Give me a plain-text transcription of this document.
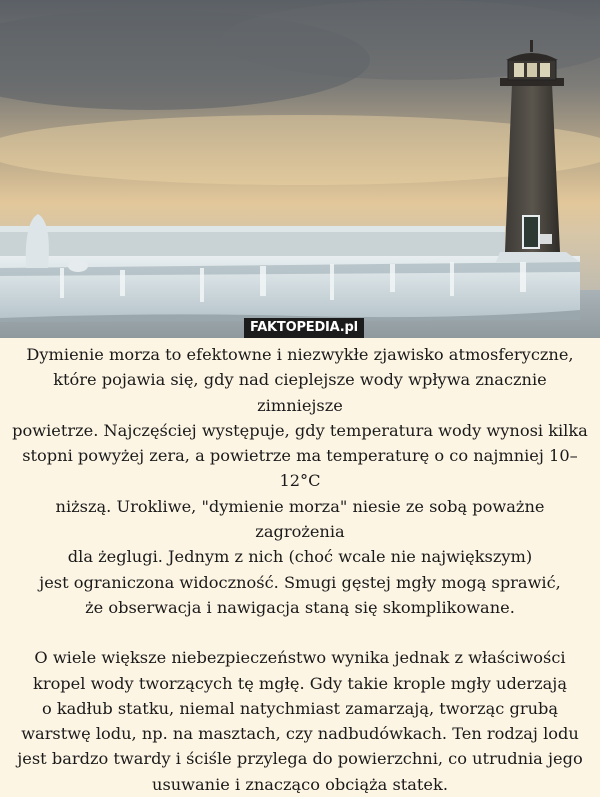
FAKTOPEDIA.pl

Dymienie morza to efektowne i niezwykłe zjawisko atmosferyczne,
które pojawia się, gdy nad cieplejsze wody wpływa znacznie zimniejsze
powietrze. Najczęściej występuje, gdy temperatura wody wynosi kilka
stopni powyżej zera, a powietrze ma temperaturę o co najmniej 10–12°C
niższą. Urokliwe, "dymienie morza" niesie ze sobą poważne zagrożenia
dla żeglugi. Jednym z nich (choć wcale nie największym)
jest ograniczona widoczność. Smugi gęstej mgły mogą sprawić,
że obserwacja i nawigacja staną się skomplikowane.

O wiele większe niebezpieczeństwo wynika jednak z właściwości
kropel wody tworzących tę mgłę. Gdy takie krople mgły uderzają
o kadłub statku, niemal natychmiast zamarzają, tworząc grubą
warstwę lodu, np. na masztach, czy nadbudówkach. Ten rodzaj lodu
jest bardzo twardy i ściśle przylega do powierzchni, co utrudnia jego
usuwanie i znacząco obciąża statek.
